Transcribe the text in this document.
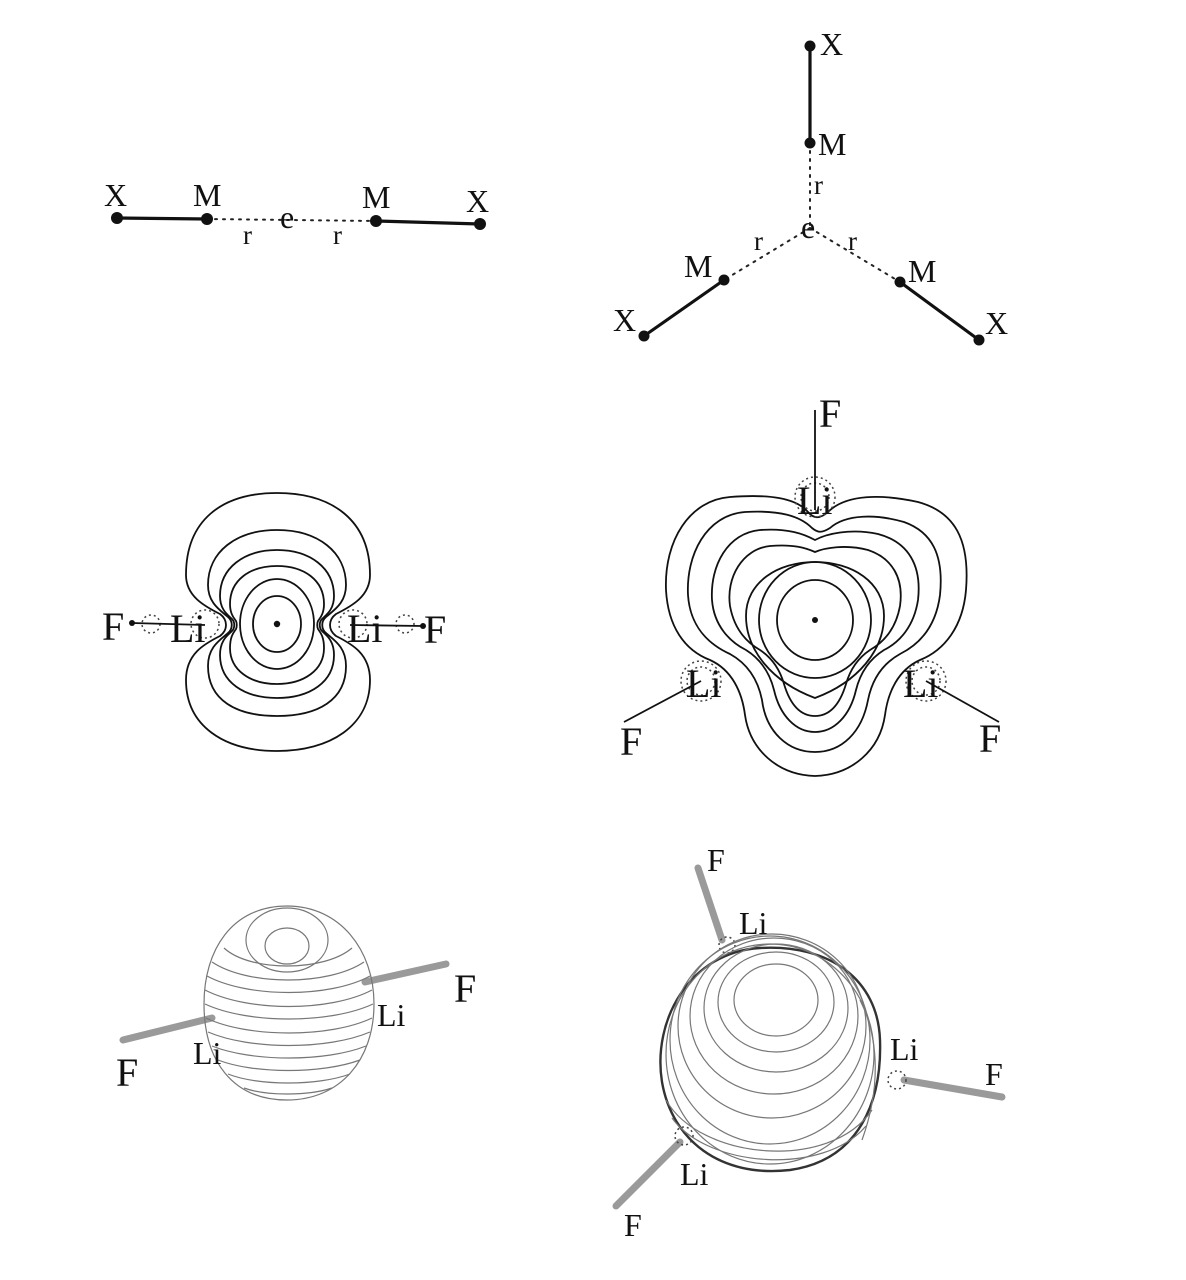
X M
r e r
M X
X
M
r
r e r
M
X
M
X
F Li	Li F
F
Li
Li	Li
F	F
F
Li
F Li
F
Li
Li
F
Li
F
